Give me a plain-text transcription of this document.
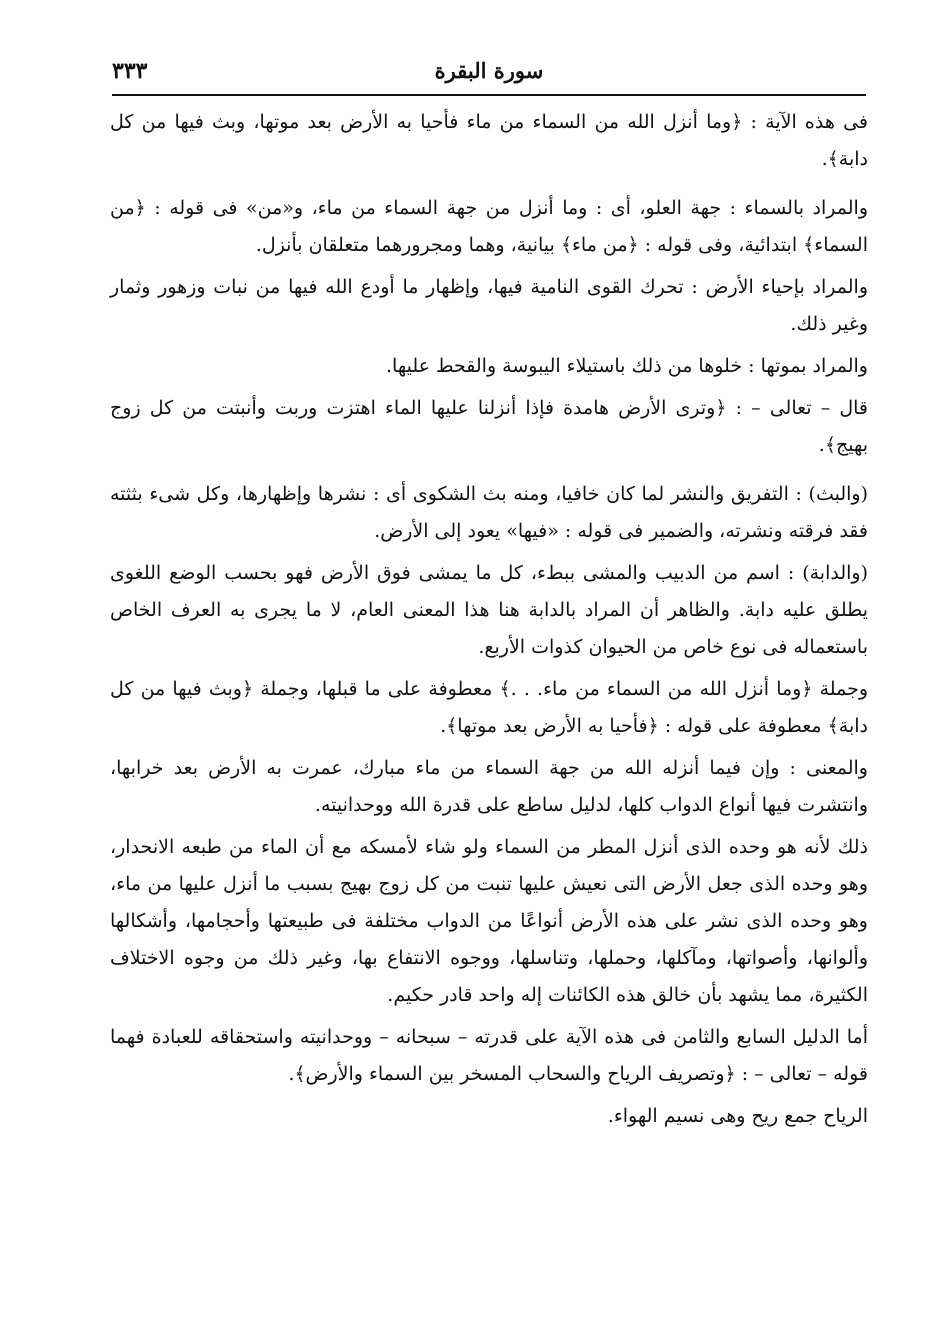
سورة البقرة
٣٣٣

فى هذه الآية : ﴿وما أنزل الله من السماء من ماء فأحيا به الأرض بعد موتها، وبث فيها من كل دابة﴾.

والمراد بالسماء : جهة العلو، أى : وما أنزل من جهة السماء من ماء، و«من» فى قوله : ﴿من السماء﴾ ابتدائية، وفى قوله : ﴿من ماء﴾ بيانية، وهما ومجرورهما متعلقان بأنزل.

والمراد بإحياء الأرض : تحرك القوى النامية فيها، وإظهار ما أودع الله فيها من نبات وزهور وثمار وغير ذلك.

والمراد بموتها : خلوها من ذلك باستيلاء اليبوسة والقحط عليها.

قال – تعالى – : ﴿وترى الأرض هامدة فإذا أنزلنا عليها الماء اهتزت وربت وأنبتت من كل زوج بهيج﴾.

(والبث) : التفريق والنشر لما كان خافيا، ومنه بث الشكوى أى : نشرها وإظهارها، وكل شىء بثثته فقد فرقته ونشرته، والضمير فى قوله : «فيها» يعود إلى الأرض.

(والدابة) : اسم من الدبيب والمشى ببطء، كل ما يمشى فوق الأرض فهو بحسب الوضع اللغوى يطلق عليه دابة. والظاهر أن المراد بالدابة هنا هذا المعنى العام، لا ما يجرى به العرف الخاص باستعماله فى نوع خاص من الحيوان كذوات الأربع.

وجملة ﴿وما أنزل الله من السماء من ماء. . .﴾ معطوفة على ما قبلها، وجملة ﴿وبث فيها من كل دابة﴾ معطوفة على قوله : ﴿فأحيا به الأرض بعد موتها﴾.

والمعنى : وإن فيما أنزله الله من جهة السماء من ماء مبارك، عمرت به الأرض بعد خرابها، وانتشرت فيها أنواع الدواب كلها، لدليل ساطع على قدرة الله ووحدانيته.

ذلك لأنه هو وحده الذى أنزل المطر من السماء ولو شاء لأمسكه مع أن الماء من طبعه الانحدار، وهو وحده الذى جعل الأرض التى نعيش عليها تنبت من كل زوج بهيج بسبب ما أنزل عليها من ماء، وهو وحده الذى نشر على هذه الأرض أنواعًا من الدواب مختلفة فى طبيعتها وأحجامها، وأشكالها وألوانها، وأصواتها، ومآكلها، وحملها، وتناسلها، ووجوه الانتفاع بها، وغير ذلك من وجوه الاختلاف الكثيرة، مما يشهد بأن خالق هذه الكائنات إله واحد قادر حكيم.

أما الدليل السابع والثامن فى هذه الآية على قدرته – سبحانه – ووحدانيته واستحقاقه للعبادة فهما قوله – تعالى – : ﴿وتصريف الرياح والسحاب المسخر بين السماء والأرض﴾.

الرياح جمع ريح وهى نسيم الهواء.
